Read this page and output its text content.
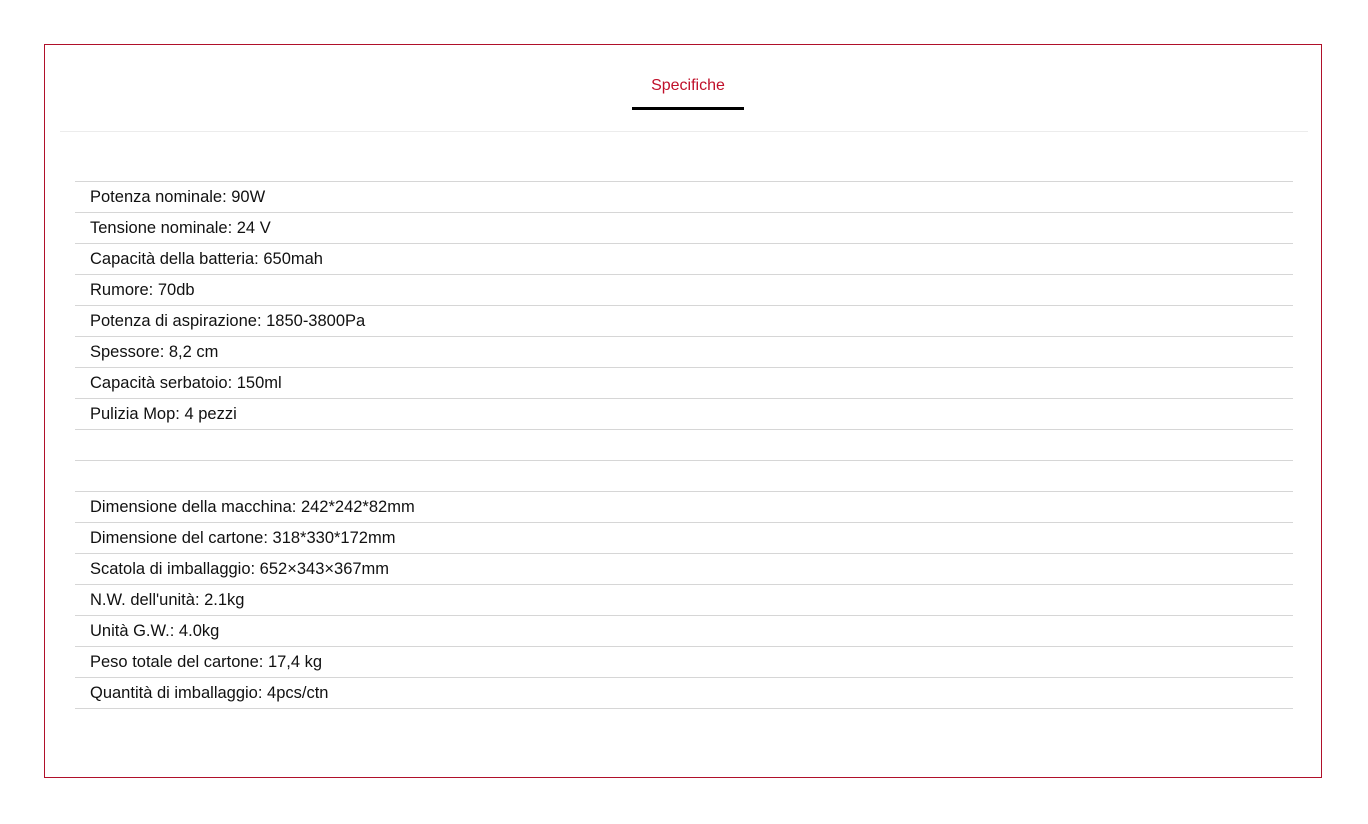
Specifiche
Potenza nominale: 90W
Tensione nominale: 24 V
Capacità della batteria: 650mah
Rumore: 70db
Potenza di aspirazione: 1850-3800Pa
Spessore: 8,2 cm
Capacità serbatoio: 150ml
Pulizia Mop: 4 pezzi
Dimensione della macchina: 242*242*82mm
Dimensione del cartone: 318*330*172mm
Scatola di imballaggio: 652×343×367mm
N.W. dell'unità: 2.1kg
Unità G.W.: 4.0kg
Peso totale del cartone: 17,4 kg
Quantità di imballaggio: 4pcs/ctn
